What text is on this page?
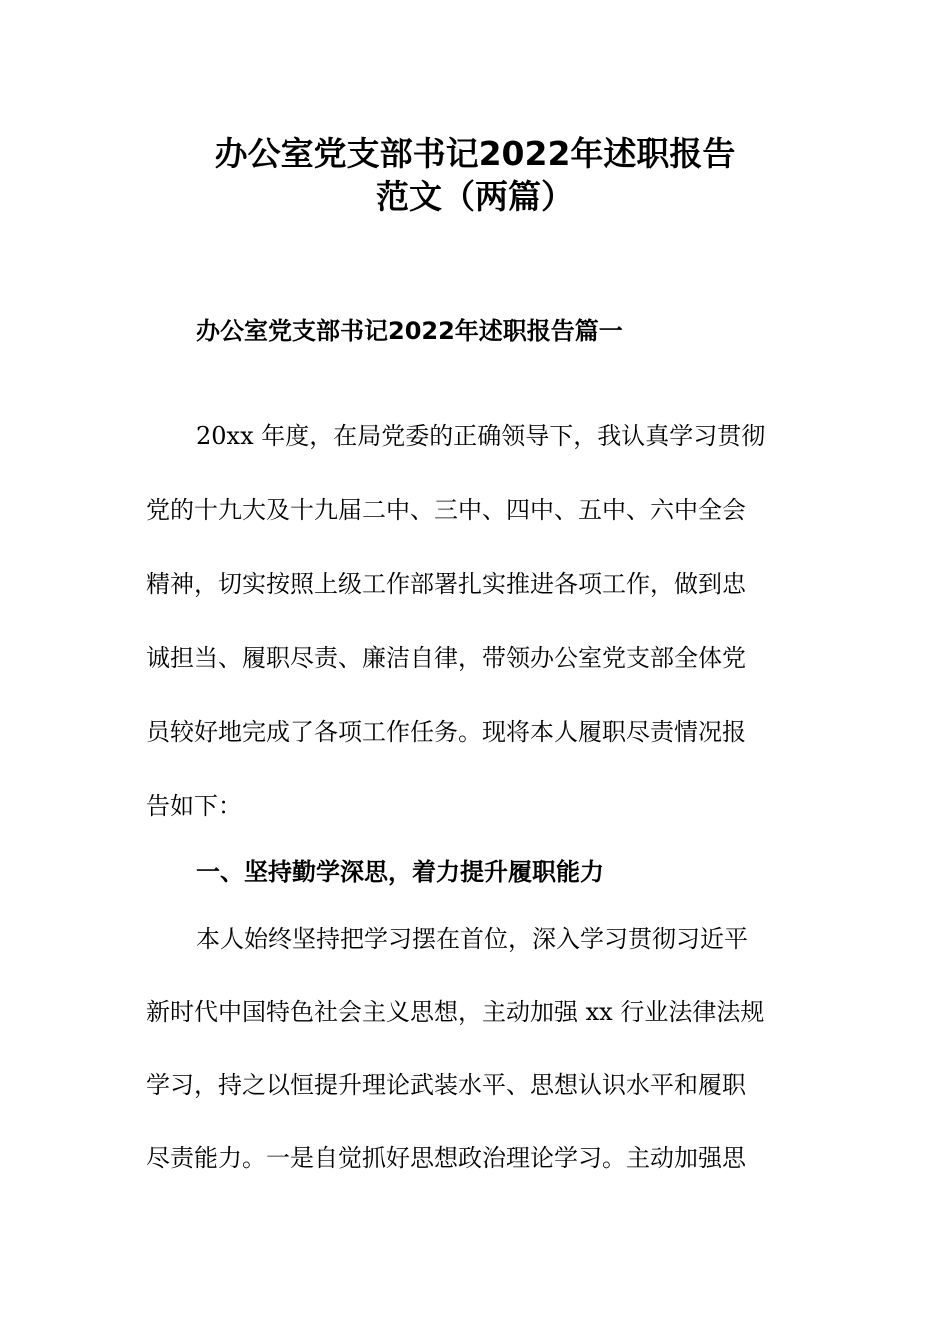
办公室党支部书记2022年述职报告
范文（两篇）
办公室党支部书记2022年述职报告篇一

20xx 年度，在局党委的正确领导下，我认真学习贯彻

党的十九大及十九届二中、三中、四中、五中、六中全会

精神，切实按照上级工作部署扎实推进各项工作，做到忠

诚担当、履职尽责、廉洁自律，带领办公室党支部全体党

员较好地完成了各项工作任务。现将本人履职尽责情况报

告如下：

一、坚持勤学深思，着力提升履职能力

本人始终坚持把学习摆在首位，深入学习贯彻习近平

新时代中国特色社会主义思想，主动加强 xx 行业法律法规

学习，持之以恒提升理论武装水平、思想认识水平和履职

尽责能力。一是自觉抓好思想政治理论学习。主动加强思
